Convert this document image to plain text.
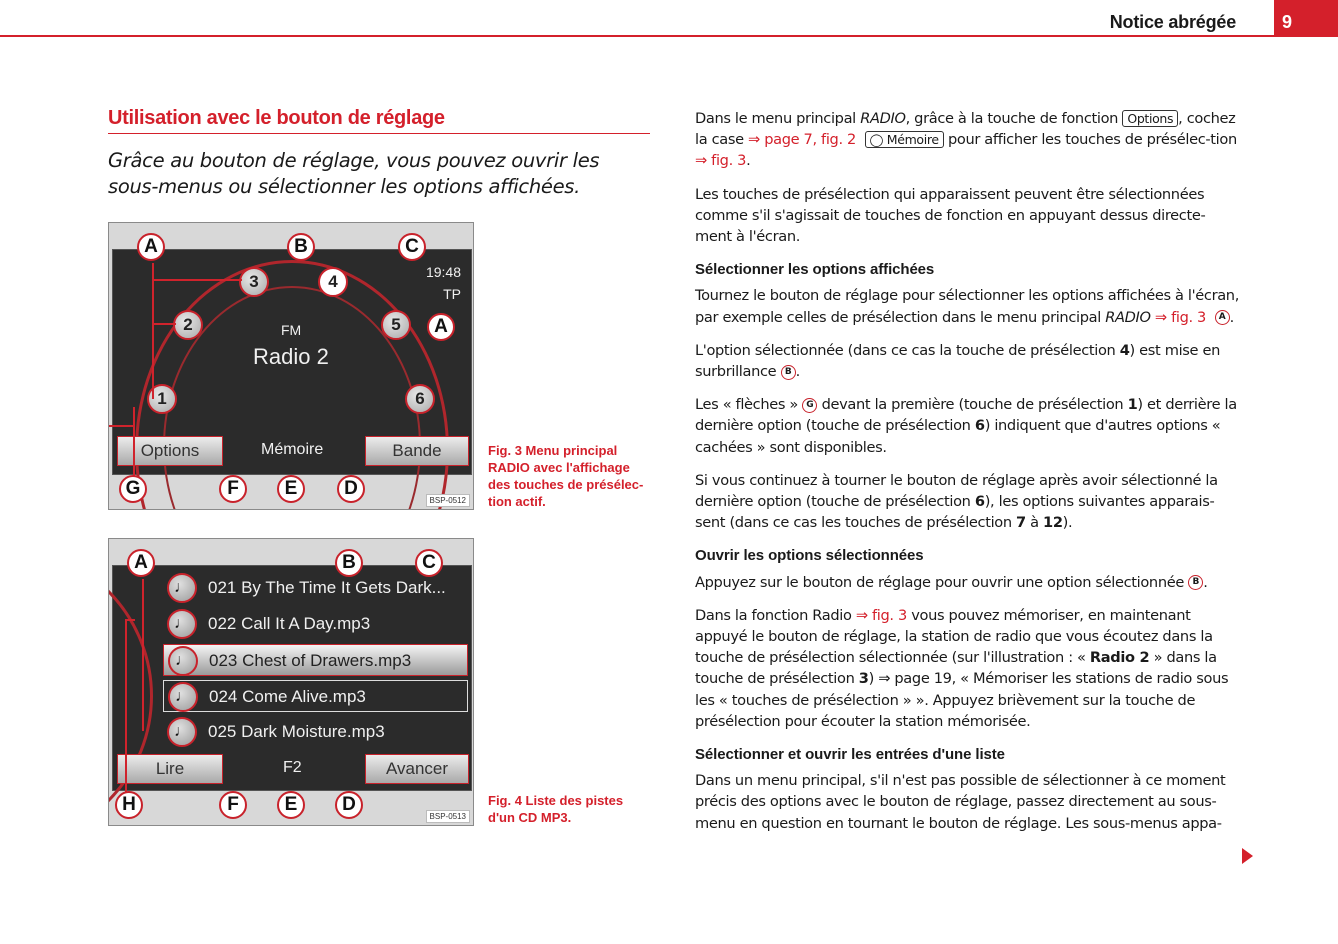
Notice abrégée	9
Utilisation avec le bouton de réglage
Grâce au bouton de réglage, vous pouvez ouvrir les sous-menus ou sélectionner les options affichées.
19:48
TP
FM
Radio 2
1
2
3	4
5
6
Options	Mémoire	Bande
A	B	C
A
G	F	E	D
BSP-0512
Fig. 3 Menu principal RADIO avec l'affichage des touches de présélec-tion actif.
♩	021 By The Time It Gets Dark...
♩	022 Call It A Day.mp3
♩	023 Chest of Drawers.mp3
♩	024 Come Alive.mp3
♩	025 Dark Moisture.mp3
Lire	F2	Avancer
A	B	C
H	F	E	D
BSP-0513
Fig. 4 Liste des pistes d'un CD MP3.

Dans le menu principal RADIO, grâce à la touche de fonction Options , cochez la case ⇒ page 7, fig. 2 ◯ Mémoire pour afficher les touches de présélec-tion ⇒ fig. 3.

Les touches de présélection qui apparaissent peuvent être sélectionnées comme s'il s'agissait de touches de fonction en appuyant dessus directe-ment à l'écran.

Sélectionner les options affichées

Tournez le bouton de réglage pour sélectionner les options affichées à l'écran, par exemple celles de présélection dans le menu principal RADIO ⇒ fig. 3 A .

L'option sélectionnée (dans ce cas la touche de présélection 4) est mise en surbrillance B .

Les « flèches » G devant la première (touche de présélection 1) et derrière la dernière option (touche de présélection 6) indiquent que d'autres options « cachées » sont disponibles.

Si vous continuez à tourner le bouton de réglage après avoir sélectionné la dernière option (touche de présélection 6), les options suivantes apparais-sent (dans ce cas les touches de présélection 7 à 12).

Ouvrir les options sélectionnées

Appuyez sur le bouton de réglage pour ouvrir une option sélectionnée B .

Dans la fonction Radio ⇒ fig. 3 vous pouvez mémoriser, en maintenant appuyé le bouton de réglage, la station de radio que vous écoutez dans la touche de présélection sélectionnée (sur l'illustration : « Radio 2 » dans la touche de présélection 3) ⇒ page 19, « Mémoriser les stations de radio sous les « touches de présélection » ». Appuyez brièvement sur la touche de présélection pour écouter la station mémorisée.

Sélectionner et ouvrir les entrées d'une liste

Dans un menu principal, s'il n'est pas possible de sélectionner à ce moment précis des options avec le bouton de réglage, passez directement au sous-menu en question en tournant le bouton de réglage. Les sous-menus appa-
